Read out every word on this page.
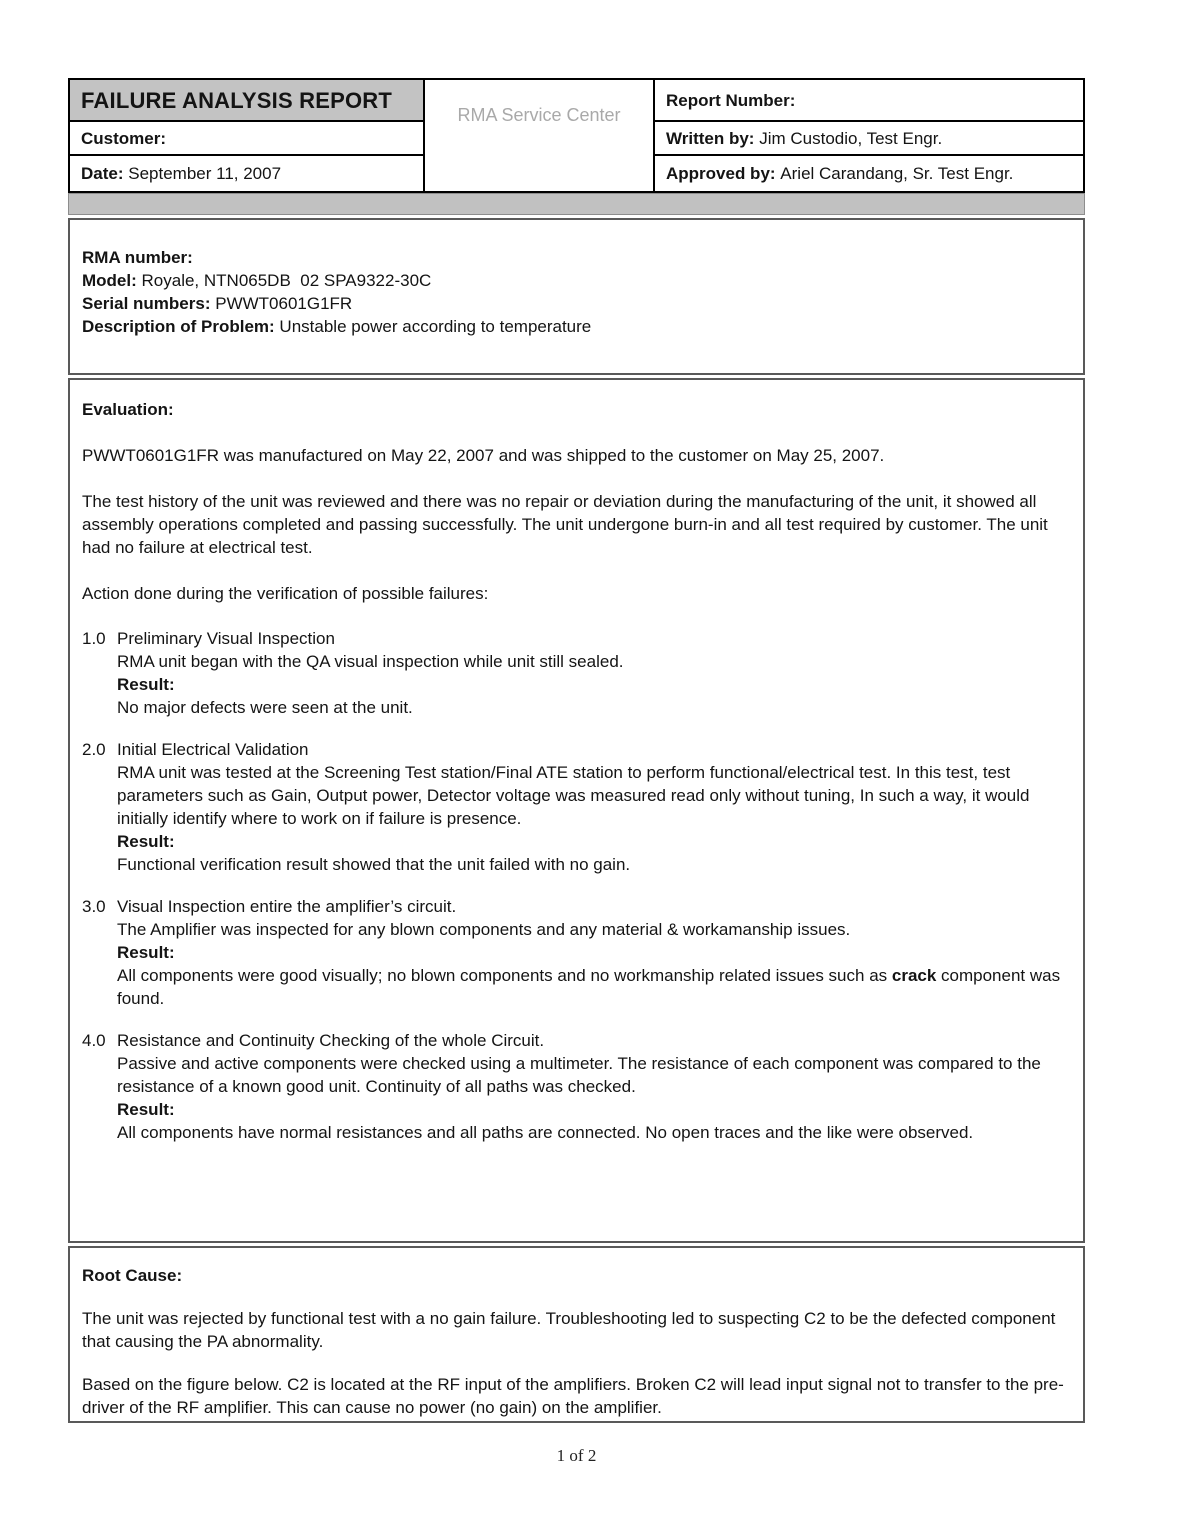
FAILURE ANALYSIS REPORT
RMA Service Center
Report Number:
Customer:	Written by:
Jim Custodio, Test Engr.
Date:
September 11, 2007	Approved by:
Ariel Carandang, Sr. Test Engr.
RMA number:
Model: Royale, NTN065DB  02 SPA9322-30C
Serial numbers: PWWT0601G1FR
Description of Problem: Unstable power according to temperature
Evaluation:
PWWT0601G1FR was manufactured on May 22, 2007 and was shipped to the customer on May 25, 2007.
The test history of the unit was reviewed and there was no repair or deviation during the manufacturing of the unit, it showed all assembly operations completed and passing successfully. The unit undergone burn-in and all test required by customer. The unit had no failure at electrical test.
Action done during the verification of possible failures:
1.0 Preliminary Visual Inspection
RMA unit began with the QA visual inspection while unit still sealed.
Result:
No major defects were seen at the unit.
2.0 Initial Electrical Validation
RMA unit was tested at the Screening Test station/Final ATE station to perform functional/electrical test. In this test, test parameters such as Gain, Output power, Detector voltage was measured read only without tuning, In such a way, it would initially identify where to work on if failure is presence.
Result:
Functional verification result showed that the unit failed with no gain.
3.0 Visual Inspection entire the amplifier’s circuit.
The Amplifier was inspected for any blown components and any material & workamanship issues.
Result:
All components were good visually; no blown components and no workmanship related issues such as crack component was found.
4.0 Resistance and Continuity Checking of the whole Circuit.
Passive and active components were checked using a multimeter. The resistance of each component was compared to the resistance of a known good unit. Continuity of all paths was checked.
Result:
All components have normal resistances and all paths are connected. No open traces and the like were observed.
Root Cause:
The unit was rejected by functional test with a no gain failure. Troubleshooting led to suspecting C2 to be the defected component that causing the PA abnormality.
Based on the figure below. C2 is located at the RF input of the amplifiers. Broken C2 will lead input signal not to transfer to the pre-driver of the RF amplifier. This can cause no power (no gain) on the amplifier.
1 of 2
